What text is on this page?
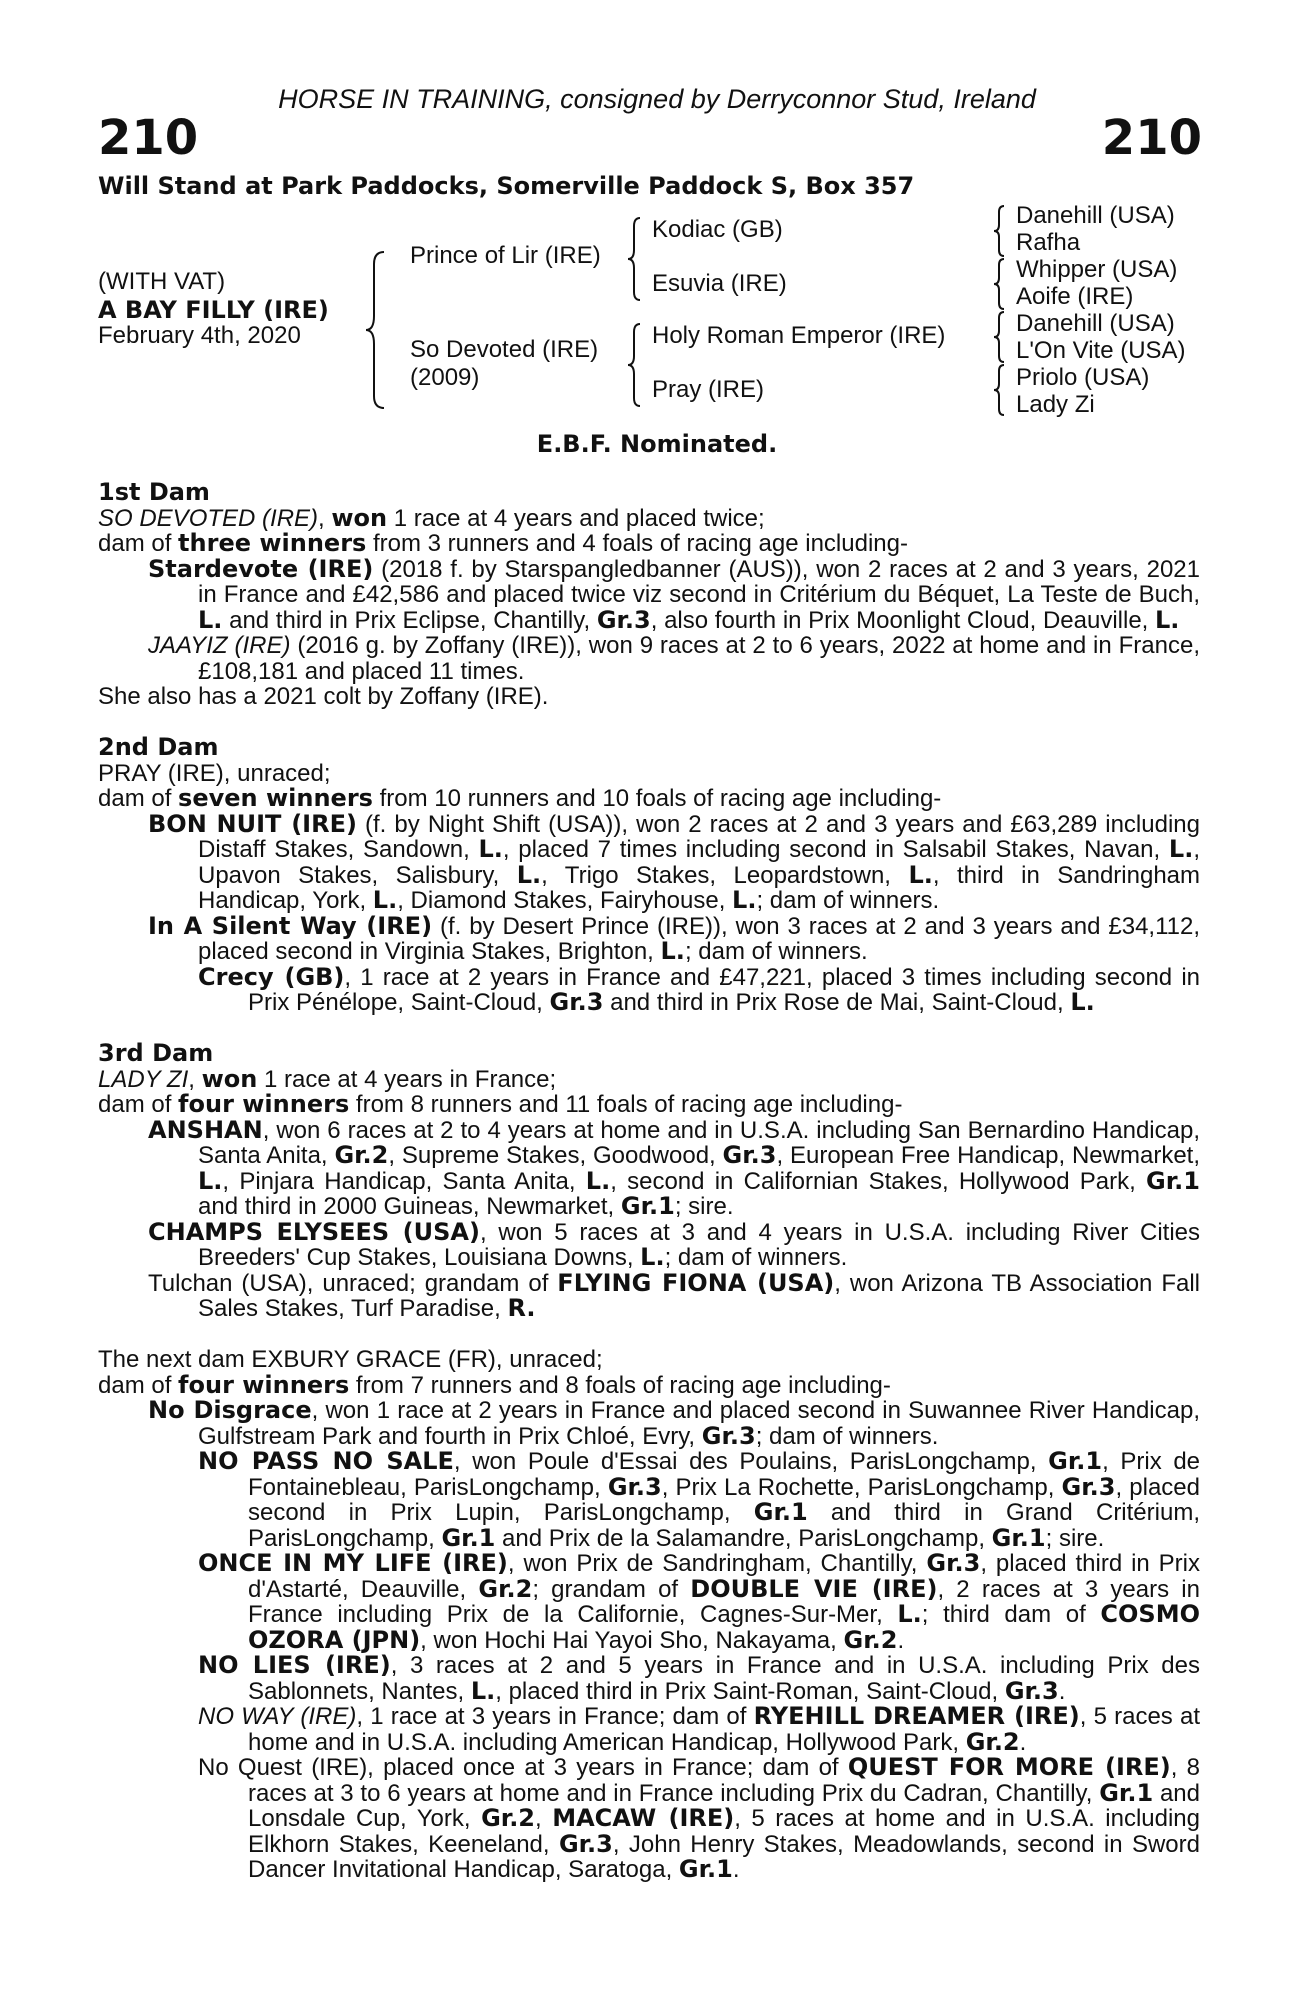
HORSE IN TRAINING, consigned by Derryconnor Stud, Ireland
210	210
Will Stand at Park Paddocks, Somerville Paddock S, Box 357
(WITH VAT)
A BAY FILLY (IRE)
February 4th, 2020
Prince of Lir (IRE)
So Devoted (IRE)
(2009)
Kodiac (GB)
Esuvia (IRE)
Holy Roman Emperor (IRE)
Pray (IRE)
Danehill (USA)
Rafha
Whipper (USA)
Aoife (IRE)
Danehill (USA)
L'On Vite (USA)
Priolo (USA)
Lady Zi
E.B.F. Nominated.
1st Dam
SO DEVOTED (IRE), won 1 race at 4 years and placed twice;
dam of three winners from 3 runners and 4 foals of racing age including-
Stardevote (IRE) (2018 f. by Starspangledbanner (AUS)), won 2 races at 2 and 3 years, 2021 in France and £42,586 and placed twice viz second in Critérium du Béquet, La Teste de Buch, L. and third in Prix Eclipse, Chantilly, Gr.3, also fourth in Prix Moonlight Cloud, Deauville, L.
JAAYIZ (IRE) (2016 g. by Zoffany (IRE)), won 9 races at 2 to 6 years, 2022 at home and in France, £108,181 and placed 11 times.
She also has a 2021 colt by Zoffany (IRE).
2nd Dam
PRAY (IRE), unraced;
dam of seven winners from 10 runners and 10 foals of racing age including-
BON NUIT (IRE) (f. by Night Shift (USA)), won 2 races at 2 and 3 years and £63,289 including Distaff Stakes, Sandown, L., placed 7 times including second in Salsabil Stakes, Navan, L., Upavon Stakes, Salisbury, L., Trigo Stakes, Leopardstown, L., third in Sandringham Handicap, York, L., Diamond Stakes, Fairyhouse, L.; dam of winners.
In A Silent Way (IRE) (f. by Desert Prince (IRE)), won 3 races at 2 and 3 years and £34,112, placed second in Virginia Stakes, Brighton, L.; dam of winners.
Crecy (GB), 1 race at 2 years in France and £47,221, placed 3 times including second in Prix Pénélope, Saint-Cloud, Gr.3 and third in Prix Rose de Mai, Saint-Cloud, L.
3rd Dam
LADY ZI, won 1 race at 4 years in France;
dam of four winners from 8 runners and 11 foals of racing age including-
ANSHAN, won 6 races at 2 to 4 years at home and in U.S.A. including San Bernardino Handicap, Santa Anita, Gr.2, Supreme Stakes, Goodwood, Gr.3, European Free Handicap, Newmarket, L., Pinjara Handicap, Santa Anita, L., second in Californian Stakes, Hollywood Park, Gr.1 and third in 2000 Guineas, Newmarket, Gr.1; sire.
CHAMPS ELYSEES (USA), won 5 races at 3 and 4 years in U.S.A. including River Cities Breeders' Cup Stakes, Louisiana Downs, L.; dam of winners.
Tulchan (USA), unraced; grandam of FLYING FIONA (USA), won Arizona TB Association Fall Sales Stakes, Turf Paradise, R.
The next dam EXBURY GRACE (FR), unraced;
dam of four winners from 7 runners and 8 foals of racing age including-
No Disgrace, won 1 race at 2 years in France and placed second in Suwannee River Handicap, Gulfstream Park and fourth in Prix Chloé, Evry, Gr.3; dam of winners.
NO PASS NO SALE, won Poule d'Essai des Poulains, ParisLongchamp, Gr.1, Prix de Fontainebleau, ParisLongchamp, Gr.3, Prix La Rochette, ParisLongchamp, Gr.3, placed second in Prix Lupin, ParisLongchamp, Gr.1 and third in Grand Critérium, ParisLongchamp, Gr.1 and Prix de la Salamandre, ParisLongchamp, Gr.1; sire.
ONCE IN MY LIFE (IRE), won Prix de Sandringham, Chantilly, Gr.3, placed third in Prix d'Astarté, Deauville, Gr.2; grandam of DOUBLE VIE (IRE), 2 races at 3 years in France including Prix de la Californie, Cagnes-Sur-Mer, L.; third dam of COSMO OZORA (JPN), won Hochi Hai Yayoi Sho, Nakayama, Gr.2.
NO LIES (IRE), 3 races at 2 and 5 years in France and in U.S.A. including Prix des Sablonnets, Nantes, L., placed third in Prix Saint-Roman, Saint-Cloud, Gr.3.
NO WAY (IRE), 1 race at 3 years in France; dam of RYEHILL DREAMER (IRE), 5 races at home and in U.S.A. including American Handicap, Hollywood Park, Gr.2.
No Quest (IRE), placed once at 3 years in France; dam of QUEST FOR MORE (IRE), 8 races at 3 to 6 years at home and in France including Prix du Cadran, Chantilly, Gr.1 and Lonsdale Cup, York, Gr.2, MACAW (IRE), 5 races at home and in U.S.A. including Elkhorn Stakes, Keeneland, Gr.3, John Henry Stakes, Meadowlands, second in Sword Dancer Invitational Handicap, Saratoga, Gr.1.
